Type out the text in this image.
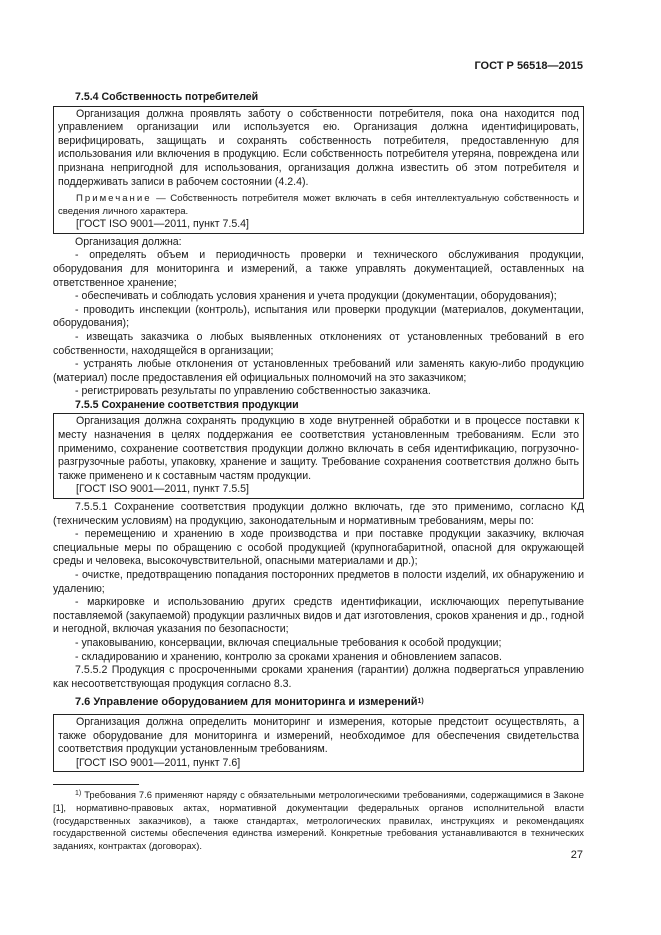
ГОСТ Р 56518—2015

7.5.4 Собственность потребителей

Организация должна проявлять заботу о собственности потребителя, пока она находится под управлением организации или используется ею. Организация должна идентифицировать, верифицировать, защищать и сохранять собственность потребителя, предоставленную для использования или включения в продукцию. Если собственность потребителя утеряна, повреждена или признана непригодной для использования, организация должна известить об этом потребителя и поддерживать записи в рабочем состоянии (4.2.4).

Примечание — Собственность потребителя может включать в себя интеллектуальную собственность и сведения личного характера.

[ГОСТ ISO 9001—2011, пункт 7.5.4]

Организация должна:

- определять объем и периодичность проверки и технического обслуживания продукции, оборудования для мониторинга и измерений, а также управлять документацией, оставленных на ответственное хранение;

- обеспечивать и соблюдать условия хранения и учета продукции (документации, оборудования);

- проводить инспекции (контроль), испытания или проверки продукции (материалов, документации, оборудования);

- извещать заказчика о любых выявленных отклонениях от установленных требований в его собственности, находящейся в организации;

- устранять любые отклонения от установленных требований или заменять какую-либо продукцию (материал) после предоставления ей официальных полномочий на это заказчиком;

- регистрировать результаты по управлению собственностью заказчика.

7.5.5 Сохранение соответствия продукции

Организация должна сохранять продукцию в ходе внутренней обработки и в процессе поставки к месту назначения в целях поддержания ее соответствия установленным требованиям. Если это применимо, сохранение соответствия продукции должно включать в себя идентификацию, погрузочно-разгрузочные работы, упаковку, хранение и защиту. Требование сохранения соответствия должно быть также применено и к составным частям продукции.

[ГОСТ ISO 9001—2011, пункт 7.5.5]

7.5.5.1 Сохранение соответствия продукции должно включать, где это применимо, согласно КД (техническим условиям) на продукцию, законодательным и нормативным требованиям, меры по:

- перемещению и хранению в ходе производства и при поставке продукции заказчику, включая специальные меры по обращению с особой продукцией (крупногабаритной, опасной для окружающей среды и человека, высокочувствительной, опасными материалами и др.);

- очистке, предотвращению попадания посторонних предметов в полости изделий, их обнаружению и удалению;

- маркировке и использованию других средств идентификации, исключающих перепутывание поставляемой (закупаемой) продукции различных видов и дат изготовления, сроков хранения и др., годной и негодной, включая указания по безопасности;

- упаковыванию, консервации, включая специальные требования к особой продукции;

- складированию и хранению, контролю за сроками хранения и обновлением запасов.

7.5.5.2 Продукция с просроченными сроками хранения (гарантии) должна подвергаться управлению как несоответствующая продукция согласно 8.3.

7.6 Управление оборудованием для мониторинга и измерений$^{1)}$

Организация должна определить мониторинг и измерения, которые предстоит осуществлять, а также оборудование для мониторинга и измерений, необходимое для обеспечения свидетельства соответствия продукции установленным требованиям.

[ГОСТ ISO 9001—2011, пункт 7.6]

$^{1)}$ Требования 7.6 применяют наряду с обязательными метрологическими требованиями, содержащимися в Законе [1], нормативно-правовых актах, нормативной документации федеральных органов исполнительной власти (государственных заказчиков), а также стандартах, метрологических правилах, инструкциях и рекомендациях государственной системы обеспечения единства измерений. Конкретные требования устанавливаются в технических заданиях, контрактах (договорах).

27
